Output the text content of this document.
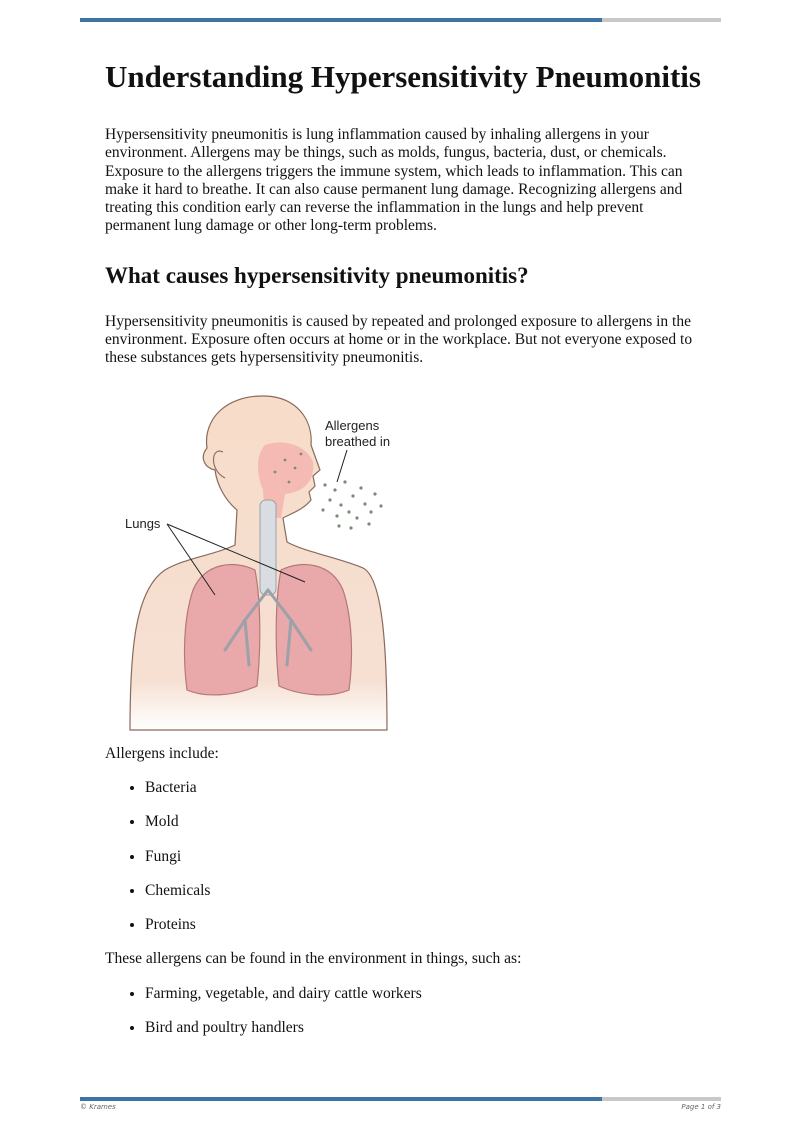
Understanding Hypersensitivity Pneumonitis

Hypersensitivity pneumonitis is lung inflammation caused by inhaling allergens in your environment. Allergens may be things, such as molds, fungus, bacteria, dust, or chemicals. Exposure to the allergens triggers the immune system, which leads to inflammation. This can make it hard to breathe. It can also cause permanent lung damage. Recognizing allergens and treating this condition early can reverse the inflammation in the lungs and help prevent permanent lung damage or other long-term problems.

What causes hypersensitivity pneumonitis?

Hypersensitivity pneumonitis is caused by repeated and prolonged exposure to allergens in the environment. Exposure often occurs at home or in the workplace. But not everyone exposed to these substances gets hypersensitivity pneumonitis.

Allergens
breathed in
Lungs

Allergens include:

• Bacteria
• Mold
• Fungi
• Chemicals
• Proteins

These allergens can be found in the environment in things, such as:

• Farming, vegetable, and dairy cattle workers
• Bird and poultry handlers
© Krames	Page 1 of 3
